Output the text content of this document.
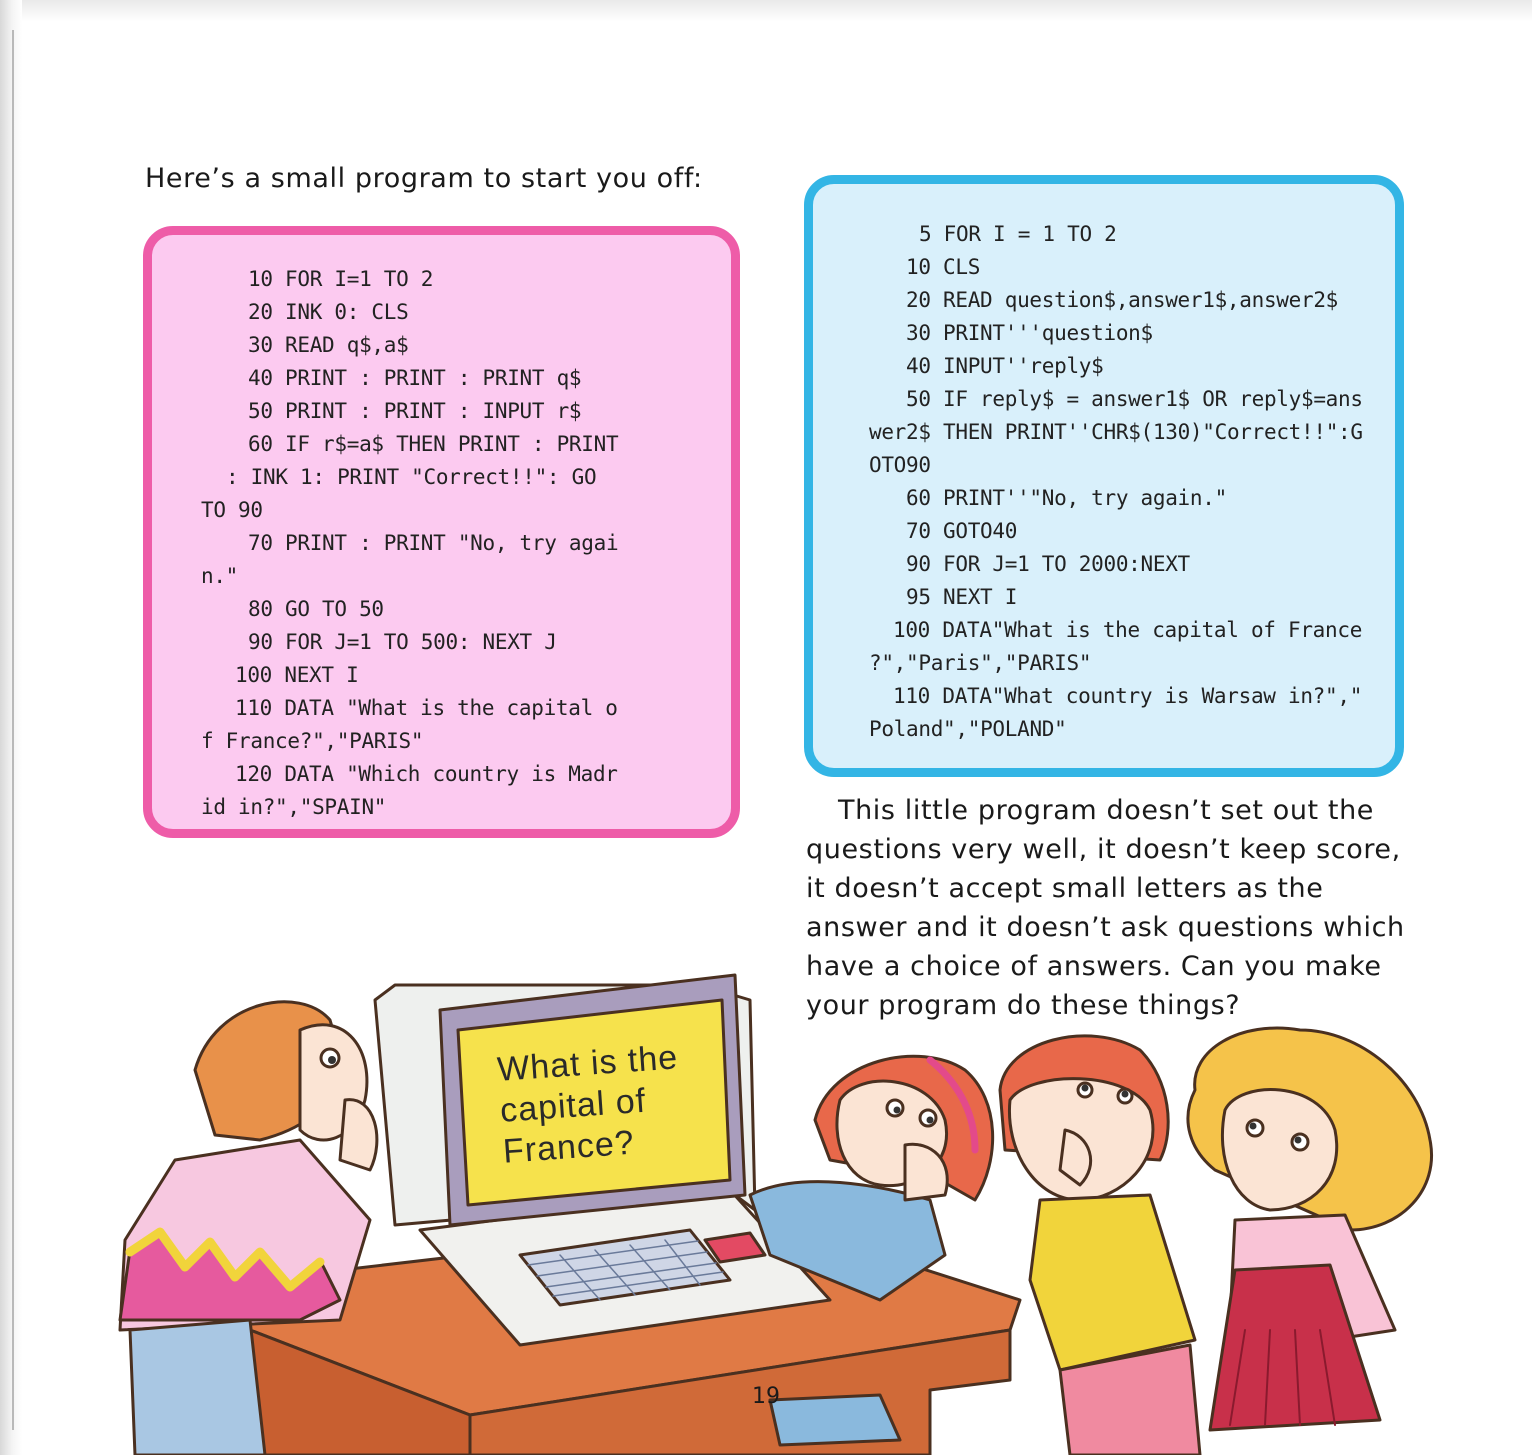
Here’s a small program to start you off:

10 FOR I=1 TO 2
20 INK 0: CLS
30 READ q$,a$
40 PRINT : PRINT : PRINT q$
50 PRINT : PRINT : INPUT r$
60 IF r$=a$ THEN PRINT : PRINT
: INK 1: PRINT "Correct!!": GO
TO 90
70 PRINT : PRINT "No, try agai
n."
80 GO TO 50
90 FOR J=1 TO 500: NEXT J
100 NEXT I
110 DATA "What is the capital o
f France?","PARIS"
120 DATA "Which country is Madr
id in?","SPAIN"
5 FOR I = 1 TO 2
10 CLS
20 READ question$,answer1$,answer2$
30 PRINT'''question$
40 INPUT''reply$
50 IF reply$ = answer1$ OR reply$=ans
wer2$ THEN PRINT''CHR$(130)"Correct!!":G
OTO90
60 PRINT''"No, try again."
70 GOTO40
90 FOR J=1 TO 2000:NEXT
95 NEXT I
100 DATA"What is the capital of France
?","Paris","PARIS"
110 DATA"What country is Warsaw in?","
Poland","POLAND"

This little program doesn’t set out the questions very well, it doesn’t keep score, it doesn’t accept small letters as the answer and it doesn’t ask questions which have a choice of answers. Can you make your program do these things?

What is the
capital of
France?
19
